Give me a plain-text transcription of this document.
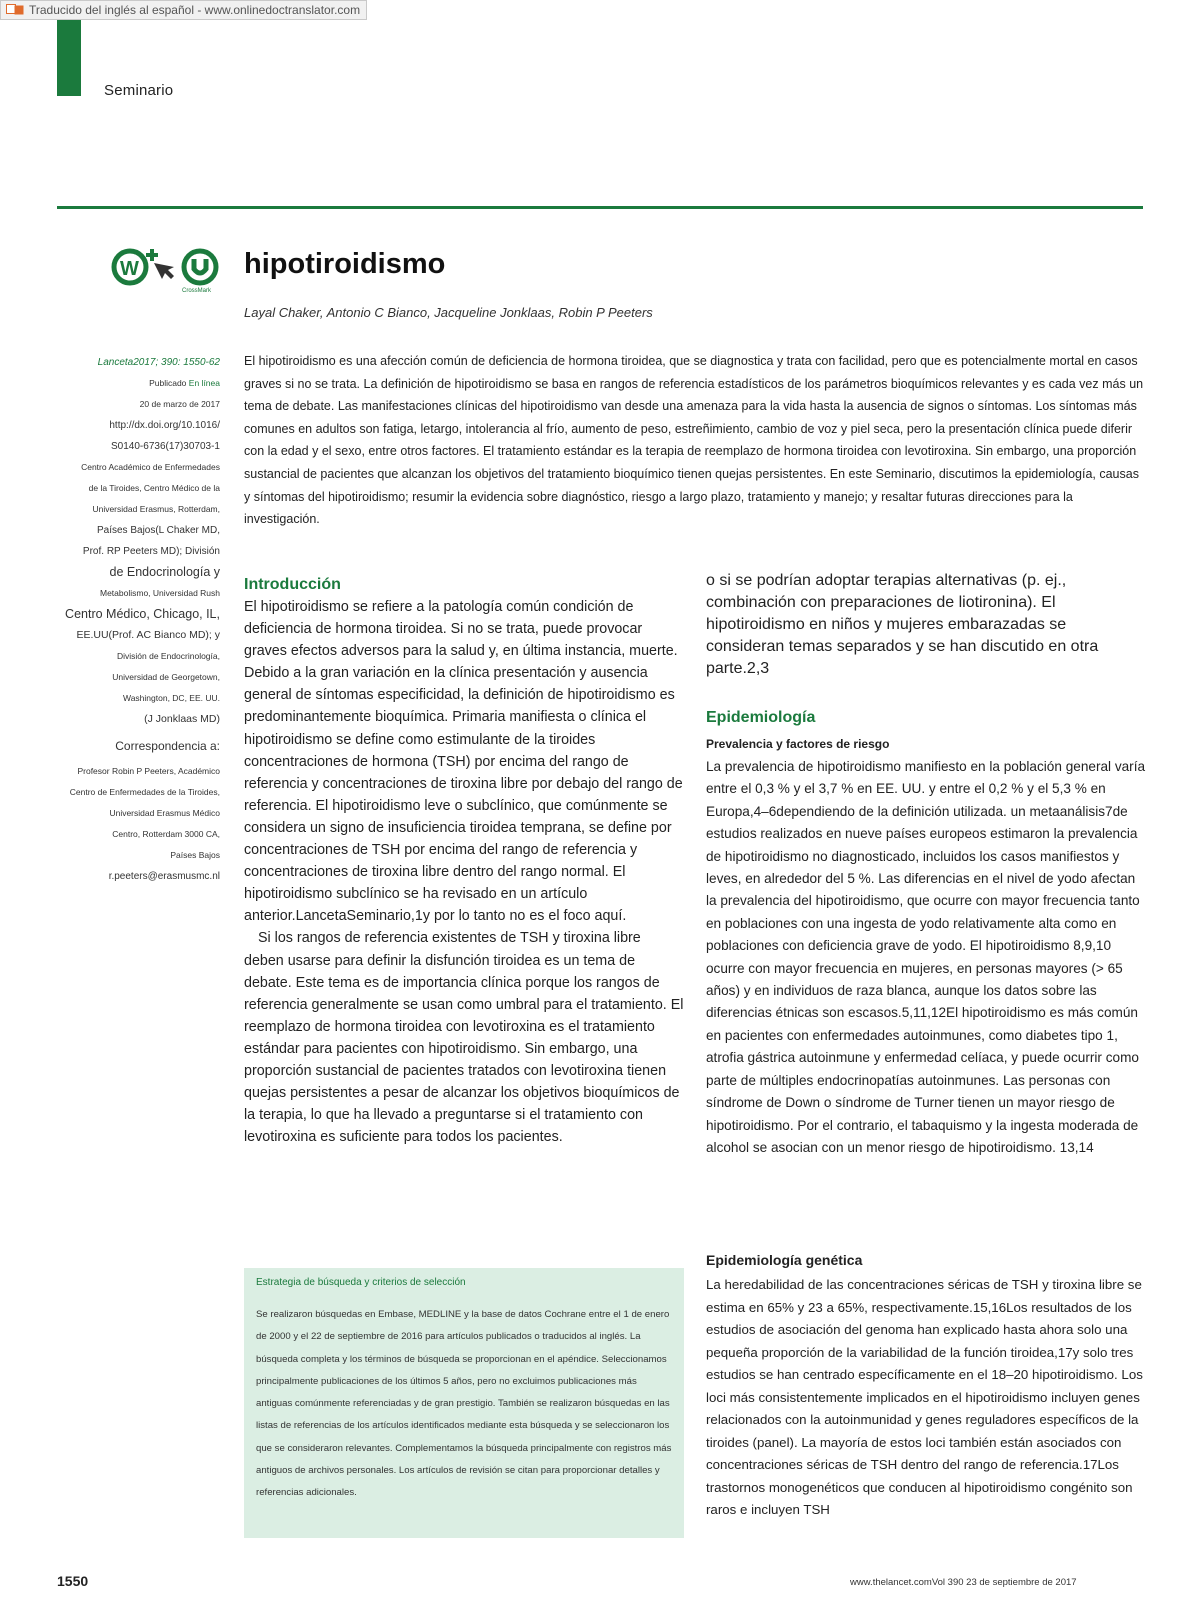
Traducido del inglés al español - www.onlinedoctranslator.com
Seminario
W
CrossMark
hipotiroidismo
Layal Chaker, Antonio C Bianco, Jacqueline Jonklaas, Robin P Peeters
Lanceta2017; 390: 1550-62
Publicado En línea
20 de marzo de 2017
http://dx.doi.org/10.1016/
S0140-6736(17)30703-1
Centro Académico de Enfermedades
de la Tiroides, Centro Médico de la
Universidad Erasmus, Rotterdam,
Países Bajos(L Chaker MD,
Prof. RP Peeters MD); División
de Endocrinología y
Metabolismo, Universidad Rush
Centro Médico, Chicago, IL,
EE.UU(Prof. AC Bianco MD); y
División de Endocrinología,
Universidad de Georgetown,
Washington, DC, EE. UU.
(J Jonklaas MD)
Correspondencia a:
Profesor Robin P Peeters, Académico
Centro de Enfermedades de la Tiroides,
Universidad Erasmus Médico
Centro, Rotterdam 3000 CA,
Países Bajos
r.peeters@erasmusmc.nl
El hipotiroidismo es una afección común de deficiencia de hormona tiroidea, que se diagnostica y trata con facilidad, pero que es potencialmente mortal en casos graves si no se trata. La definición de hipotiroidismo se basa en rangos de referencia estadísticos de los parámetros bioquímicos relevantes y es cada vez más un tema de debate. Las manifestaciones clínicas del hipotiroidismo van desde una amenaza para la vida hasta la ausencia de signos o síntomas. Los síntomas más comunes en adultos son fatiga, letargo, intolerancia al frío, aumento de peso, estreñimiento, cambio de voz y piel seca, pero la presentación clínica puede diferir con la edad y el sexo, entre otros factores. El tratamiento estándar es la terapia de reemplazo de hormona tiroidea con levotiroxina. Sin embargo, una proporción sustancial de pacientes que alcanzan los objetivos del tratamiento bioquímico tienen quejas persistentes. En este Seminario, discutimos la epidemiología, causas y síntomas del hipotiroidismo; resumir la evidencia sobre diagnóstico, riesgo a largo plazo, tratamiento y manejo; y resaltar futuras direcciones para la investigación.
Introducción

El hipotiroidismo se refiere a la patología común condición de deficiencia de hormona tiroidea. Si no se trata, puede provocar graves efectos adversos para la salud y, en última instancia, muerte. Debido a la gran variación en la clínica presentación y ausencia general de síntomas especificidad, la definición de hipotiroidismo es predominantemente bioquímica. Primaria manifiesta o clínica el hipotiroidismo se define como estimulante de la tiroides concentraciones de hormona (TSH) por encima del rango de referencia y concentraciones de tiroxina libre por debajo del rango de referencia. El hipotiroidismo leve o subclínico, que comúnmente se considera un signo de insuficiencia tiroidea temprana, se define por concentraciones de TSH por encima del rango de referencia y concentraciones de tiroxina libre dentro del rango normal. El hipotiroidismo subclínico se ha revisado en un artículo anterior.LancetaSeminario,1y por lo tanto no es el foco aquí.

Si los rangos de referencia existentes de TSH y tiroxina libre deben usarse para definir la disfunción tiroidea es un tema de debate. Este tema es de importancia clínica porque los rangos de referencia generalmente se usan como umbral para el tratamiento. El reemplazo de hormona tiroidea con levotiroxina es el tratamiento estándar para pacientes con hipotiroidismo. Sin embargo, una proporción sustancial de pacientes tratados con levotiroxina tienen quejas persistentes a pesar de alcanzar los objetivos bioquímicos de la terapia, lo que ha llevado a preguntarse si el tratamiento con levotiroxina es suficiente para todos los pacientes.

Estrategia de búsqueda y criterios de selección
Se realizaron búsquedas en Embase, MEDLINE y la base de datos Cochrane entre el 1 de enero de 2000 y el 22 de septiembre de 2016 para artículos publicados o traducidos al inglés. La búsqueda completa y los términos de búsqueda se proporcionan en el apéndice. Seleccionamos principalmente publicaciones de los últimos 5 años, pero no excluimos publicaciones más antiguas comúnmente referenciadas y de gran prestigio. También se realizaron búsquedas en las listas de referencias de los artículos identificados mediante esta búsqueda y se seleccionaron los que se consideraron relevantes. Complementamos la búsqueda principalmente con registros más antiguos de archivos personales. Los artículos de revisión se citan para proporcionar detalles y referencias adicionales.
o si se podrían adoptar terapias alternativas (p. ej., combinación con preparaciones de liotironina). El hipotiroidismo en niños y mujeres embarazadas se consideran temas separados y se han discutido en otra parte.2,3
Epidemiología
Prevalencia y factores de riesgo
La prevalencia de hipotiroidismo manifiesto en la población general varía entre el 0,3 % y el 3,7 % en EE. UU. y entre el 0,2 % y el 5,3 % en Europa,4–6dependiendo de la definición utilizada. un metaanálisis7de estudios realizados en nueve países europeos estimaron la prevalencia de hipotiroidismo no diagnosticado, incluidos los casos manifiestos y leves, en alrededor del 5 %. Las diferencias en el nivel de yodo afectan la prevalencia del hipotiroidismo, que ocurre con mayor frecuencia tanto en poblaciones con una ingesta de yodo relativamente alta como en poblaciones con deficiencia grave de yodo. El hipotiroidismo 8,9,10 ocurre con mayor frecuencia en mujeres, en personas mayores (> 65 años) y en individuos de raza blanca, aunque los datos sobre las diferencias étnicas son escasos.5,11,12El hipotiroidismo es más común en pacientes con enfermedades autoinmunes, como diabetes tipo 1, atrofia gástrica autoinmune y enfermedad celíaca, y puede ocurrir como parte de múltiples endocrinopatías autoinmunes. Las personas con síndrome de Down o síndrome de Turner tienen un mayor riesgo de hipotiroidismo. Por el contrario, el tabaquismo y la ingesta moderada de alcohol se asocian con un menor riesgo de hipotiroidismo. 13,14
Epidemiología genética
La heredabilidad de las concentraciones séricas de TSH y tiroxina libre se estima en 65% y 23 a 65%, respectivamente.15,16Los resultados de los estudios de asociación del genoma han explicado hasta ahora solo una pequeña proporción de la variabilidad de la función tiroidea,17y solo tres estudios se han centrado específicamente en el 18–20 hipotiroidismo. Los loci más consistentemente implicados en el hipotiroidismo incluyen genes relacionados con la autoinmunidad y genes reguladores específicos de la tiroides (panel). La mayoría de estos loci también están asociados con concentraciones séricas de TSH dentro del rango de referencia.17Los trastornos monogenéticos que conducen al hipotiroidismo congénito son raros e incluyen TSH
1550	www.thelancet.comVol 390 23 de septiembre de 2017
